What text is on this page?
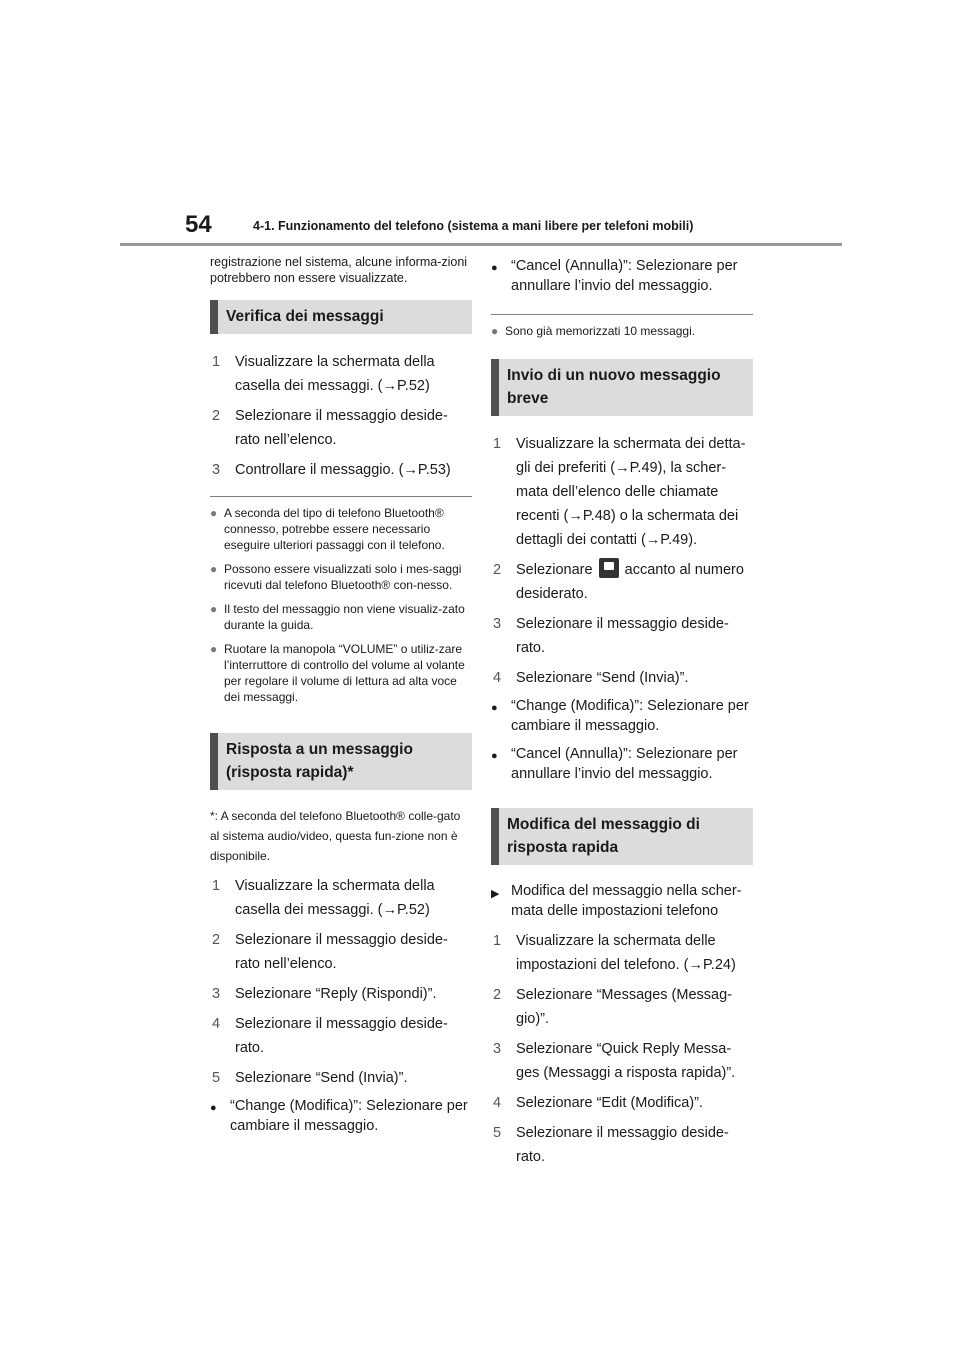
54	4-1. Funzionamento del telefono (sistema a mani libere per telefoni mobili)
registrazione nel sistema, alcune informa-zioni potrebbero non essere visualizzate.
Verifica dei messaggi
1	Visualizzare la schermata della casella dei messaggi. (→P.52)
2	Selezionare il messaggio deside-rato nell’elenco.
3	Controllare il messaggio. (→P.53)
● A seconda del tipo di telefono Bluetooth® connesso, potrebbe essere necessario eseguire ulteriori passaggi con il telefono.
● Possono essere visualizzati solo i mes-saggi ricevuti dal telefono Bluetooth® con-nesso.
● Il testo del messaggio non viene visualiz-zato durante la guida.
● Ruotare la manopola “VOLUME” o utiliz-zare l’interruttore di controllo del volume al volante per regolare il volume di lettura ad alta voce dei messaggi.
Risposta a un messaggio (risposta rapida)*
*: A seconda del telefono Bluetooth® colle-gato al sistema audio/video, questa fun-zione non è disponibile.
1	Visualizzare la schermata della casella dei messaggi. (→P.52)
2	Selezionare il messaggio deside-rato nell’elenco.
3	Selezionare “Reply (Rispondi)”.
4	Selezionare il messaggio deside-rato.
5	Selezionare “Send (Invia)”.
● “Change (Modifica)”: Selezionare per cambiare il messaggio.
● “Cancel (Annulla)”: Selezionare per annullare l’invio del messaggio.
● Sono già memorizzati 10 messaggi.
Invio di un nuovo messaggio breve
1	Visualizzare la schermata dei detta-gli dei preferiti (→P.49), la scher-mata dell’elenco delle chiamate recenti (→P.48) o la schermata dei dettagli dei contatti (→P.49).
2	Selezionare accanto al numero desiderato.
3	Selezionare il messaggio deside-rato.
4	Selezionare “Send (Invia)”.
● “Change (Modifica)”: Selezionare per cambiare il messaggio.
● “Cancel (Annulla)”: Selezionare per annullare l’invio del messaggio.
Modifica del messaggio di risposta rapida
▶ Modifica del messaggio nella scher-mata delle impostazioni telefono
1	Visualizzare la schermata delle impostazioni del telefono. (→P.24)
2	Selezionare “Messages (Messag-gio)”.
3	Selezionare “Quick Reply Messa-ges (Messaggi a risposta rapida)”.
4	Selezionare “Edit (Modifica)”.
5	Selezionare il messaggio deside-rato.
